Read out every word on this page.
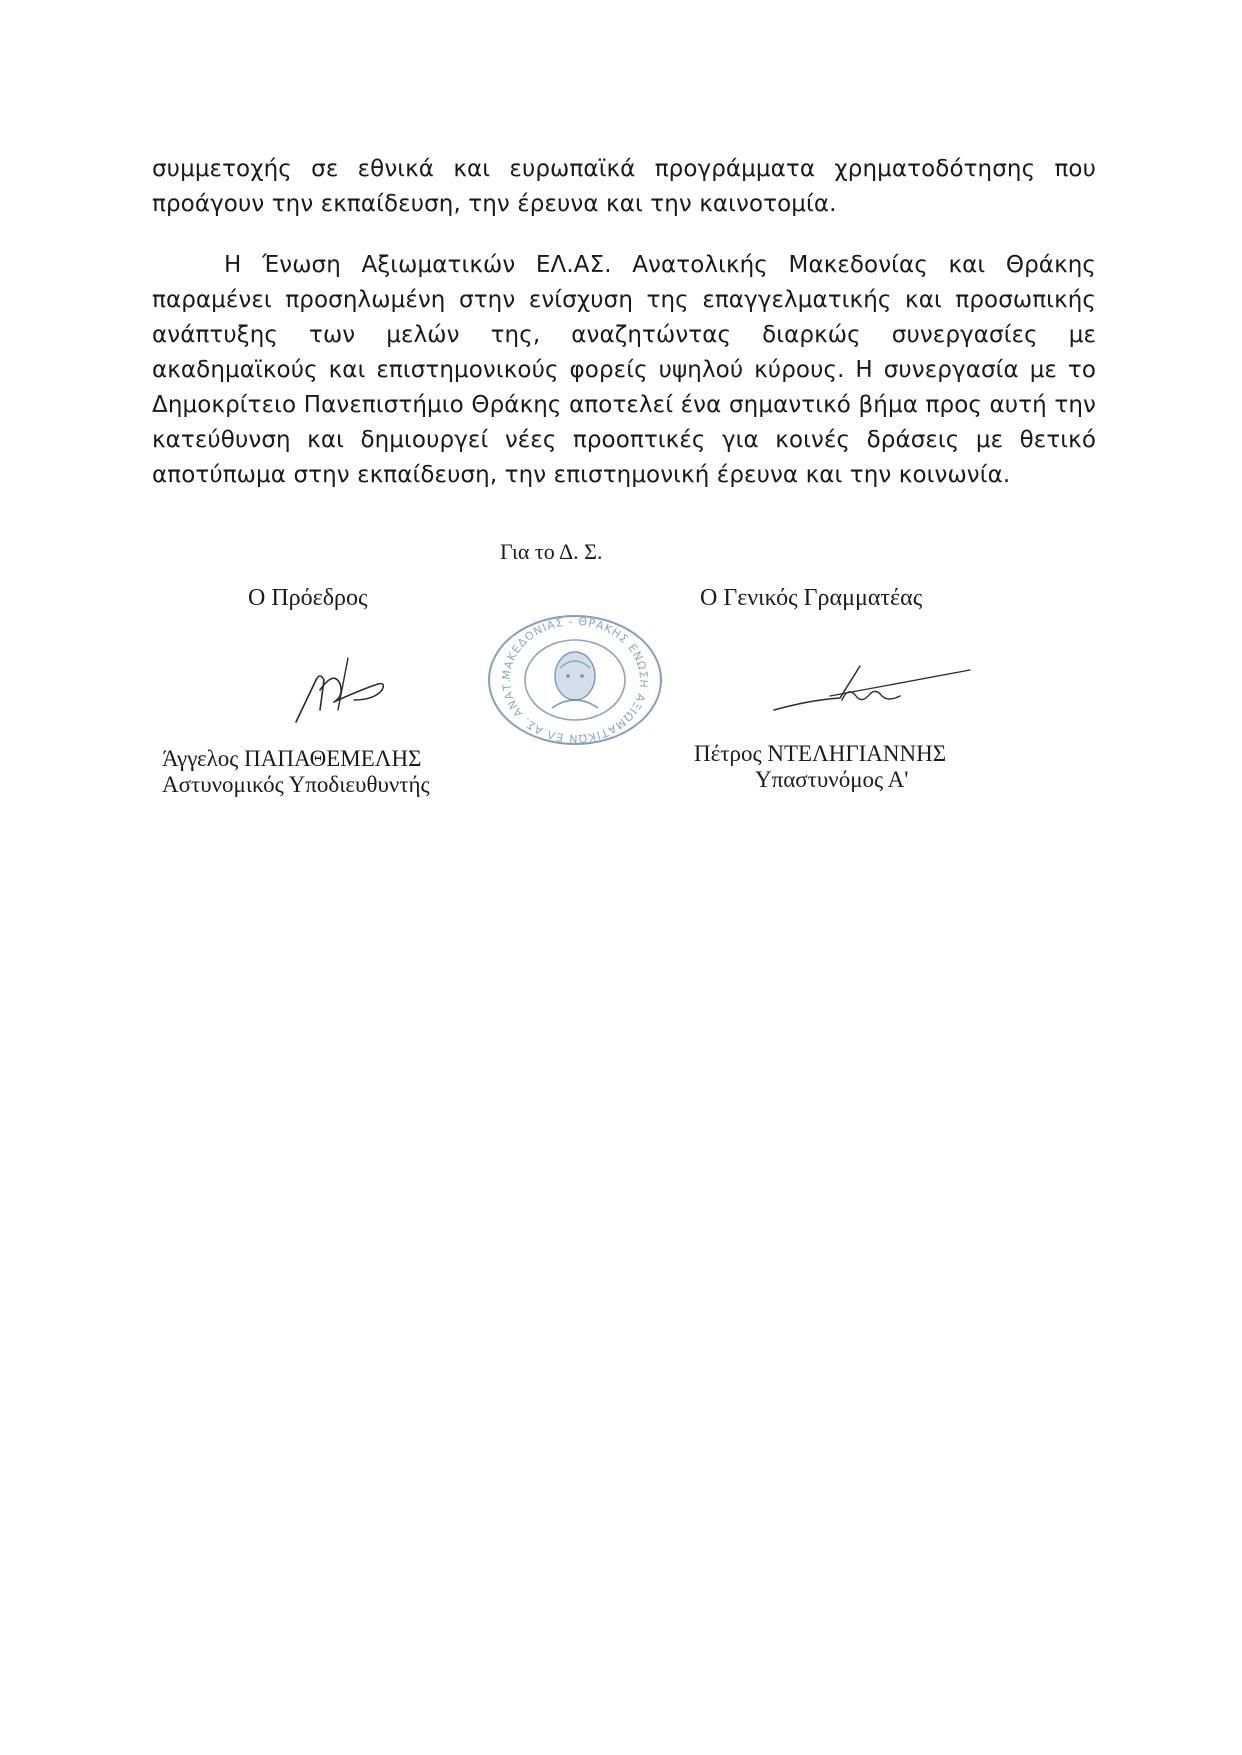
συμμετοχής σε εθνικά και ευρωπαϊκά προγράμματα χρηματοδότησης που προάγουν την εκπαίδευση, την έρευνα και την καινοτομία.

Η Ένωση Αξιωματικών ΕΛ.ΑΣ. Ανατολικής Μακεδονίας και Θράκης παραμένει προσηλωμένη στην ενίσχυση της επαγγελματικής και προσωπικής ανάπτυξης των μελών της, αναζητώντας διαρκώς συνεργασίες με ακαδημαϊκούς και επιστημονικούς φορείς υψηλού κύρους. Η συνεργασία με το Δημοκρίτειο Πανεπιστήμιο Θράκης αποτελεί ένα σημαντικό βήμα προς αυτή την κατεύθυνση και δημιουργεί νέες προοπτικές για κοινές δράσεις με θετικό αποτύπωμα στην εκπαίδευση, την επιστημονική έρευνα και την κοινωνία.

Για το Δ. Σ.
Ο Πρόεδρος	Ο Γενικός Γραμματέας
ΜΑΚΕΔΟΝΙΑΣ - ΘΡΑΚΗΣ ΕΝΩΣΗ ΑΞΙΩΜΑΤΙΚΩΝ ΕΛ.ΑΣ. ΑΝΑΤ.
Άγγελος ΠΑΠΑΘΕΜΕΛΗΣ
Αστυνομικός Υποδιευθυντής
Πέτρος ΝΤΕΛΗΓΙΑΝΝΗΣ
Υπαστυνόμος Α'
